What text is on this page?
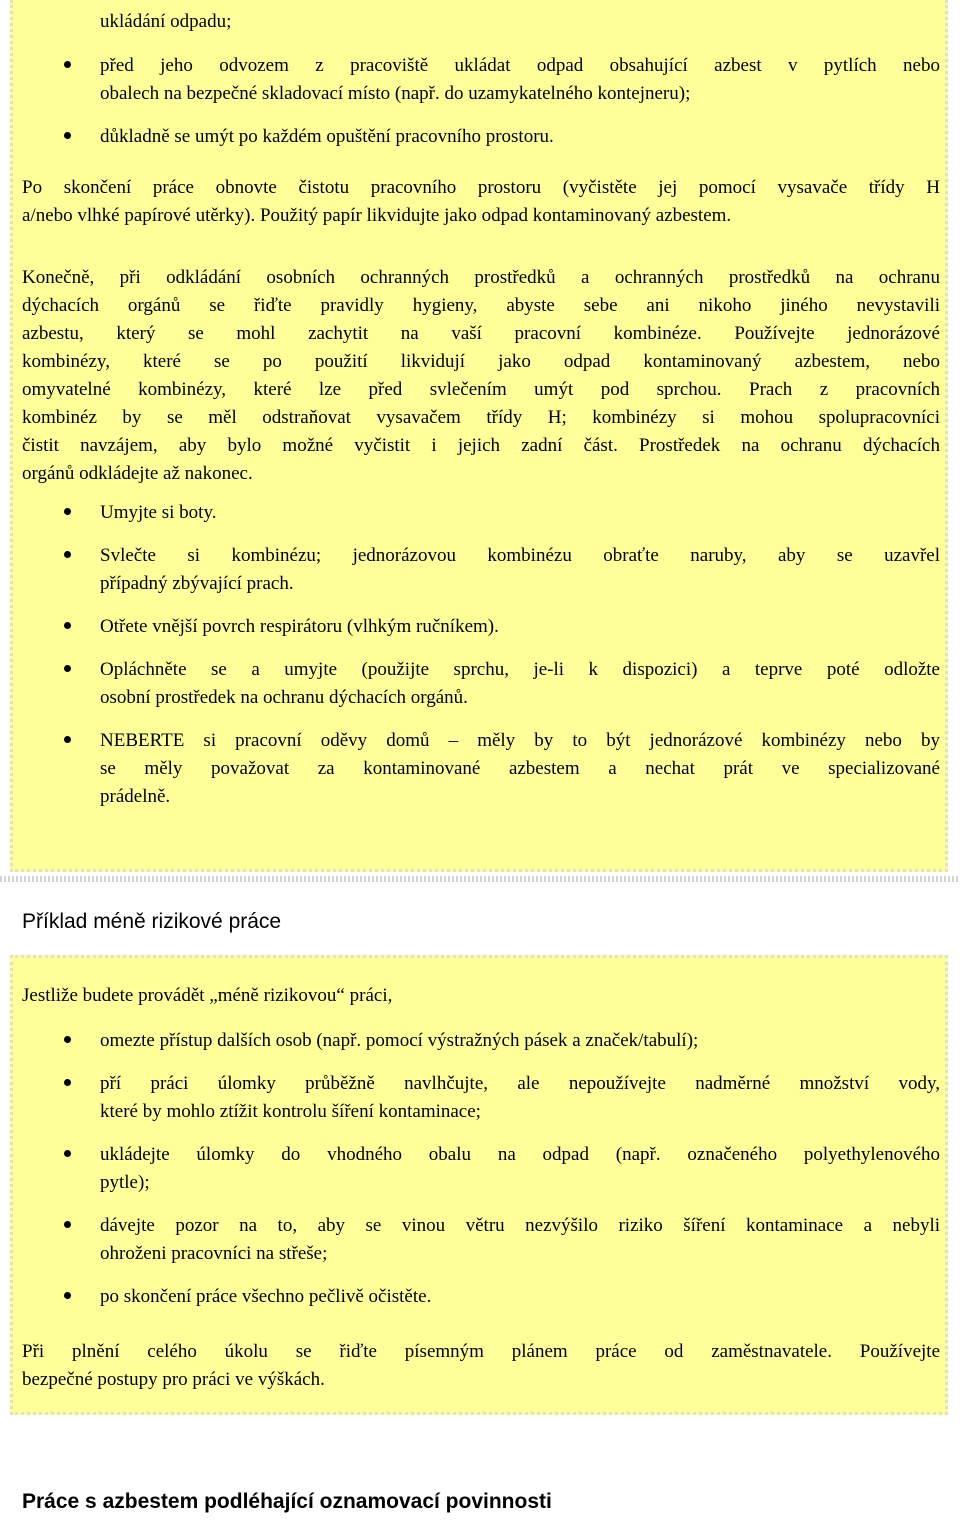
Příklad méně rizikové práce
Práce s azbestem podléhající oznamovací povinnosti

ukládání odpadu;

před jeho odvozem z pracoviště ukládat odpad obsahující azbest v pytlích nebo

obalech na bezpečné skladovací místo (např. do uzamykatelného kontejneru);

důkladně se umýt po každém opuštění pracovního prostoru.

Po skončení práce obnovte čistotu pracovního prostoru (vyčistěte jej pomocí vysavače třídy H

a/nebo vlhké papírové utěrky). Použitý papír likvidujte jako odpad kontaminovaný azbestem.

Konečně, při odkládání osobních ochranných prostředků a ochranných prostředků na ochranu

dýchacích orgánů se řiďte pravidly hygieny, abyste sebe ani nikoho jiného nevystavili

azbestu, který se mohl zachytit na vaší pracovní kombinéze. Používejte jednorázové

kombinézy, které se po použití likvidují jako odpad kontaminovaný azbestem, nebo

omyvatelné kombinézy, které lze před svlečením umýt pod sprchou. Prach z pracovních

kombinéz by se měl odstraňovat vysavačem třídy H; kombinézy si mohou spolupracovníci

čistit navzájem, aby bylo možné vyčistit i jejich zadní část. Prostředek na ochranu dýchacích

orgánů odkládejte až nakonec.

Umyjte si boty.

Svlečte si kombinézu; jednorázovou kombinézu obraťte naruby, aby se uzavřel

případný zbývající prach.

Otřete vnější povrch respirátoru (vlhkým ručníkem).

Opláchněte se a umyjte (použijte sprchu, je-li k dispozici) a teprve poté odložte

osobní prostředek na ochranu dýchacích orgánů.

NEBERTE si pracovní oděvy domů – měly by to být jednorázové kombinézy nebo by

se měly považovat za kontaminované azbestem a nechat prát ve specializované

prádelně.

Jestliže budete provádět „méně rizikovou“ práci,

omezte přístup dalších osob (např. pomocí výstražných pásek a značek/tabulí);

pří práci úlomky průběžně navlhčujte, ale nepoužívejte nadměrné množství vody,

které by mohlo ztížit kontrolu šíření kontaminace;

ukládejte úlomky do vhodného obalu na odpad (např. označeného polyethylenového

pytle);

dávejte pozor na to, aby se vinou větru nezvýšilo riziko šíření kontaminace a nebyli

ohroženi pracovníci na střeše;

po skončení práce všechno pečlivě očistěte.

Při plnění celého úkolu se řiďte písemným plánem práce od zaměstnavatele. Používejte

bezpečné postupy pro práci ve výškách.
